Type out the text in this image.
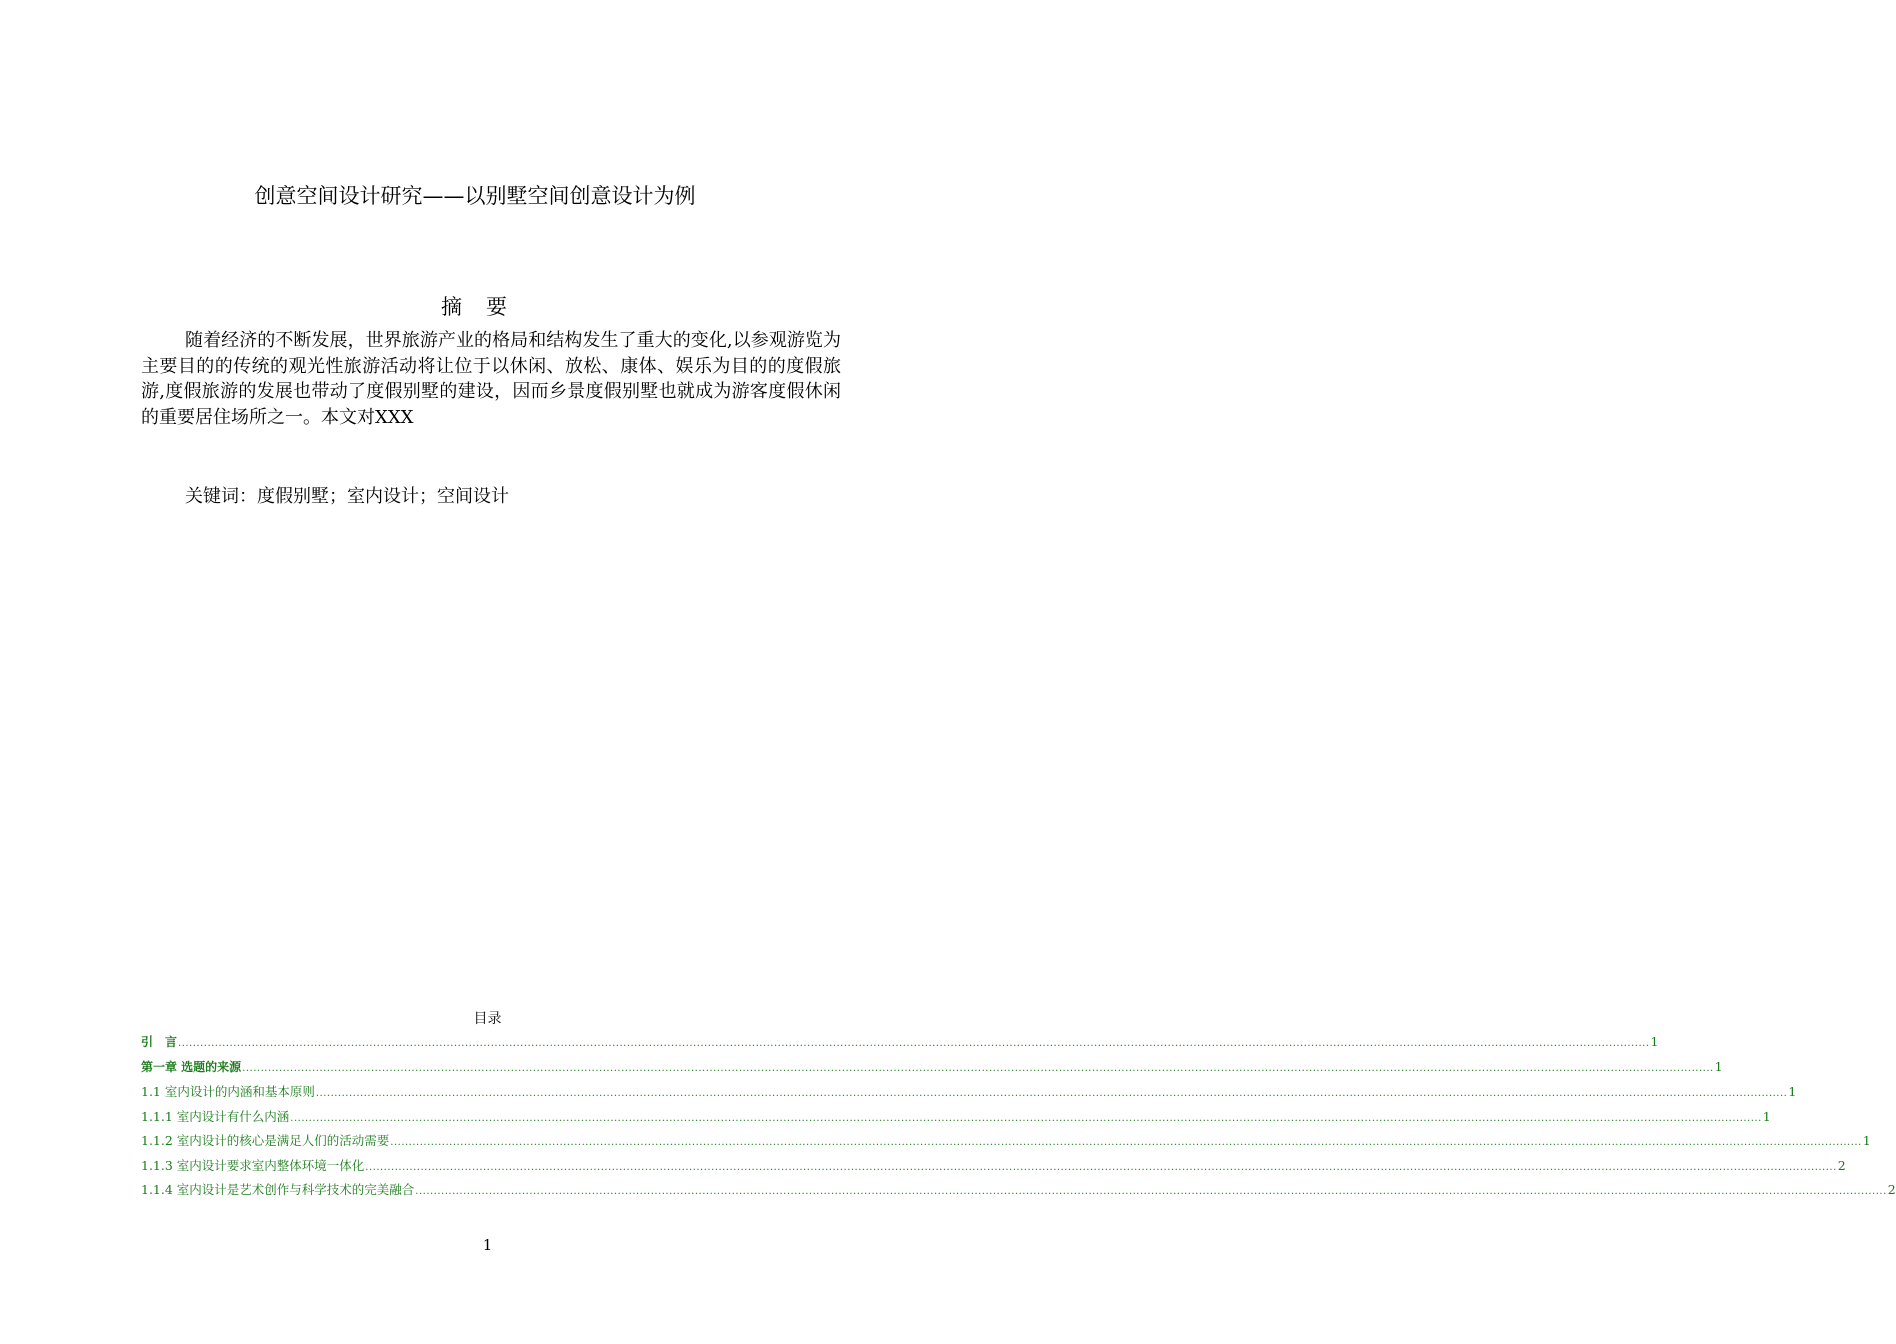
创意空间设计研究——以别墅空间创意设计为例
摘 要
随着经济的不断发展，世界旅游产业的格局和结构发生了重大的变化,以参观游览为主要目的的传统的观光性旅游活动将让位于以休闲、放松、康体、娱乐为目的的度假旅游,度假旅游的发展也带动了度假别墅的建设，因而乡景度假别墅也就成为游客度假休闲的重要居住场所之一。本文对XXX
关键词：度假别墅；室内设计；空间设计
目录
引　言 ................................................................................................................................................................................................................................................................................................................................................................................................................ 1
第一章 选题的来源 ................................................................................................................................................................................................................................................................................................................................................................................................................ 1
1.1 室内设计的内涵和基本原则 ................................................................................................................................................................................................................................................................................................................................................................................................................ 1
1.1.1 室内设计有什么内涵 ................................................................................................................................................................................................................................................................................................................................................................................................................ 1
1.1.2 室内设计的核心是满足人们的活动需要 ................................................................................................................................................................................................................................................................................................................................................................................................................ 1
1.1.3 室内设计要求室内整体环境一体化 ................................................................................................................................................................................................................................................................................................................................................................................................................ 2
1.1.4 室内设计是艺术创作与科学技术的完美融合 ................................................................................................................................................................................................................................................................................................................................................................................................................ 2
1
